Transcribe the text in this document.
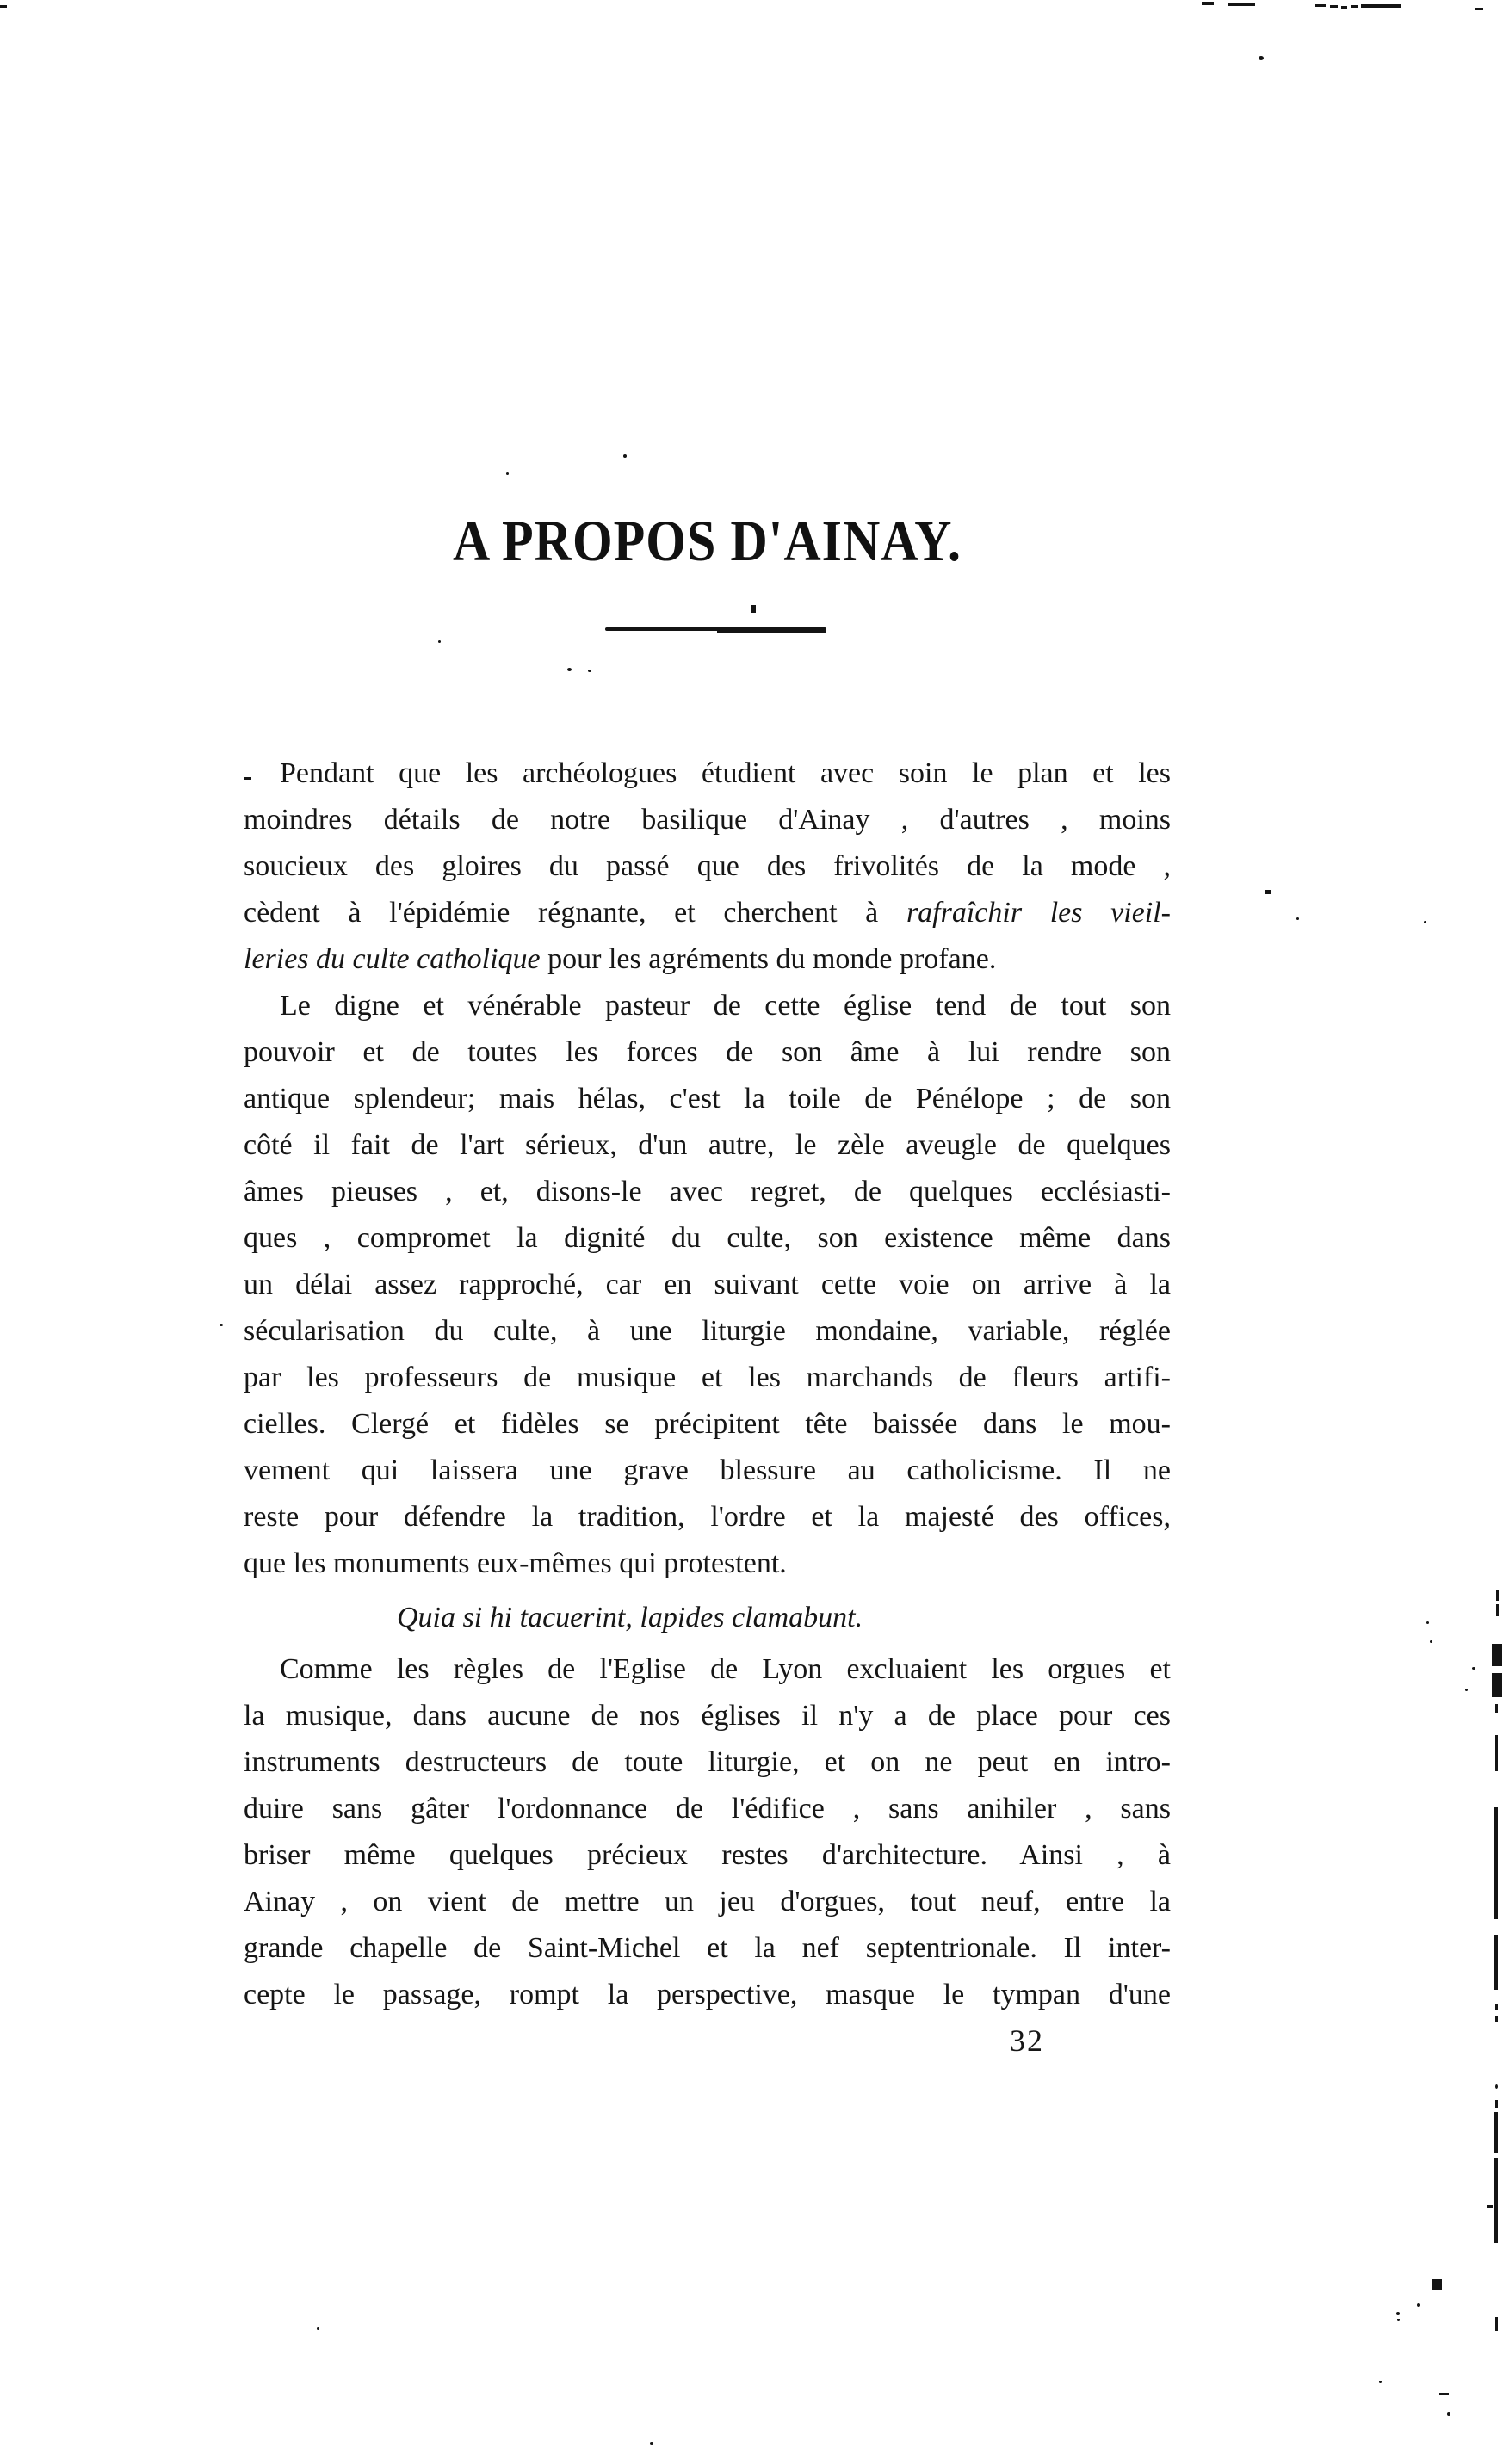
A PROPOS D'AINAY.
Pendant que les archéologues étudient avec soin le plan et les
moindres détails de notre basilique d'Ainay , d'autres , moins
soucieux des gloires du passé que des frivolités de la mode ,
cèdent à l'épidémie régnante, et cherchent à rafraîchir les vieil-
leries du culte catholique pour les agréments du monde profane.
Le digne et vénérable pasteur de cette église tend de tout son
pouvoir et de toutes les forces de son âme à lui rendre son
antique splendeur; mais hélas, c'est la toile de Pénélope ; de son
côté il fait de l'art sérieux, d'un autre, le zèle aveugle de quelques
âmes pieuses , et, disons-le avec regret, de quelques ecclésiasti-
ques , compromet la dignité du culte, son existence même dans
un délai assez rapproché, car en suivant cette voie on arrive à la
sécularisation du culte, à une liturgie mondaine, variable, réglée
par les professeurs de musique et les marchands de fleurs artifi-
cielles. Clergé et fidèles se précipitent tête baissée dans le mou-
vement qui laissera une grave blessure au catholicisme. Il ne
reste pour défendre la tradition, l'ordre et la majesté des offices,
que les monuments eux-mêmes qui protestent.
Quia si hi tacuerint, lapides clamabunt.
Comme les règles de l'Eglise de Lyon excluaient les orgues et
la musique, dans aucune de nos églises il n'y a de place pour ces
instruments destructeurs de toute liturgie, et on ne peut en intro-
duire sans gâter l'ordonnance de l'édifice , sans anihiler , sans
briser même quelques précieux restes d'architecture. Ainsi , à
Ainay , on vient de mettre un jeu d'orgues, tout neuf, entre la
grande chapelle de Saint-Michel et la nef septentrionale. Il inter-
cepte le passage, rompt la perspective, masque le tympan d'une
32
